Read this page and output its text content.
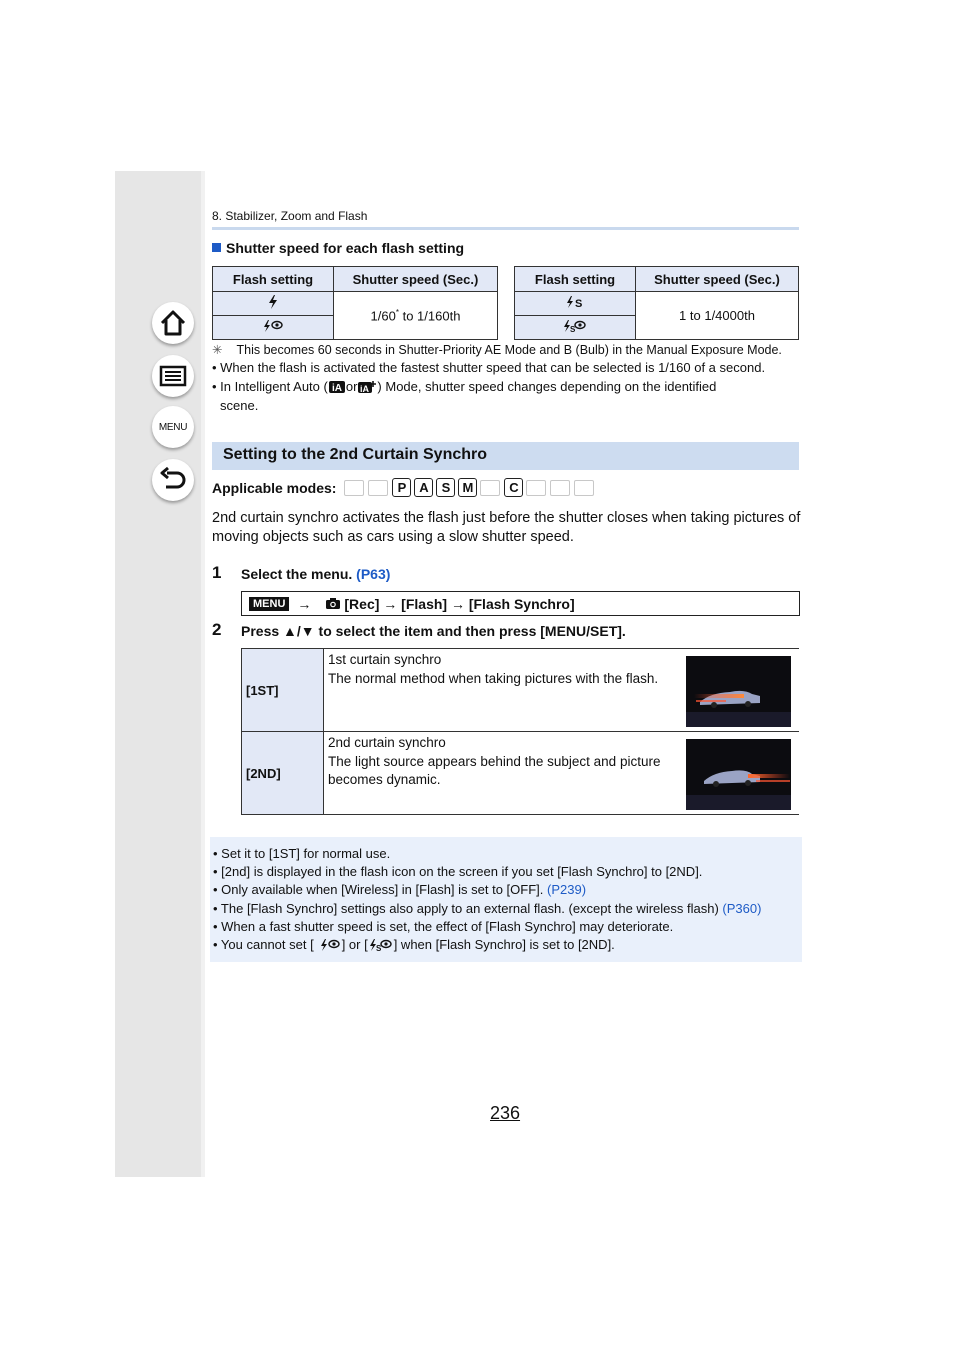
MENU
8. Stabilizer, Zoom and Flash
Shutter speed for each flash setting
Flash setting	Shutter speed (Sec.)
	1/60* to 1/160th

Flash setting	Shutter speed (Sec.)

S	1 to 1/4000th

S	
✳ This becomes 60 seconds in Shutter-Priority AE Mode and B (Bulb) in the Manual Exposure Mode.
• When the flash is activated the fastest shutter speed that can be selected is 1/160 of a second.
• In Intelligent Auto ( iA or iA ) Mode, shutter speed changes depending on the identified
scene.
Setting to the 2nd Curtain Synchro
Applicable modes:	P A S M	C
2nd curtain synchro activates the flash just before the shutter closes when taking pictures of moving objects such as cars using a slow shutter speed.
1 Select the menu. (P63)
MENU → [Rec] → [Flash] → [Flash Synchro]
2 Press ▲/▼ to select the item and then press [MENU/SET].
[1ST]	1st curtain synchro
The normal method when taking pictures with the flash.

[2ND]	2nd curtain synchro
The light source appears behind the subject and picture becomes dynamic.
• Set it to [1ST] for normal use.
• [2nd] is displayed in the flash icon on the screen if you set [Flash Synchro] to [2ND].
• Only available when [Wireless] in [Flash] is set to [OFF]. (P239)
• The [Flash Synchro] settings also apply to an external flash. (except the wireless flash) (P360)
• When a fast shutter speed is set, the effect of [Flash Synchro] may deteriorate.
• You cannot set [ ] or [ S ] when [Flash Synchro] is set to [2ND].
236
